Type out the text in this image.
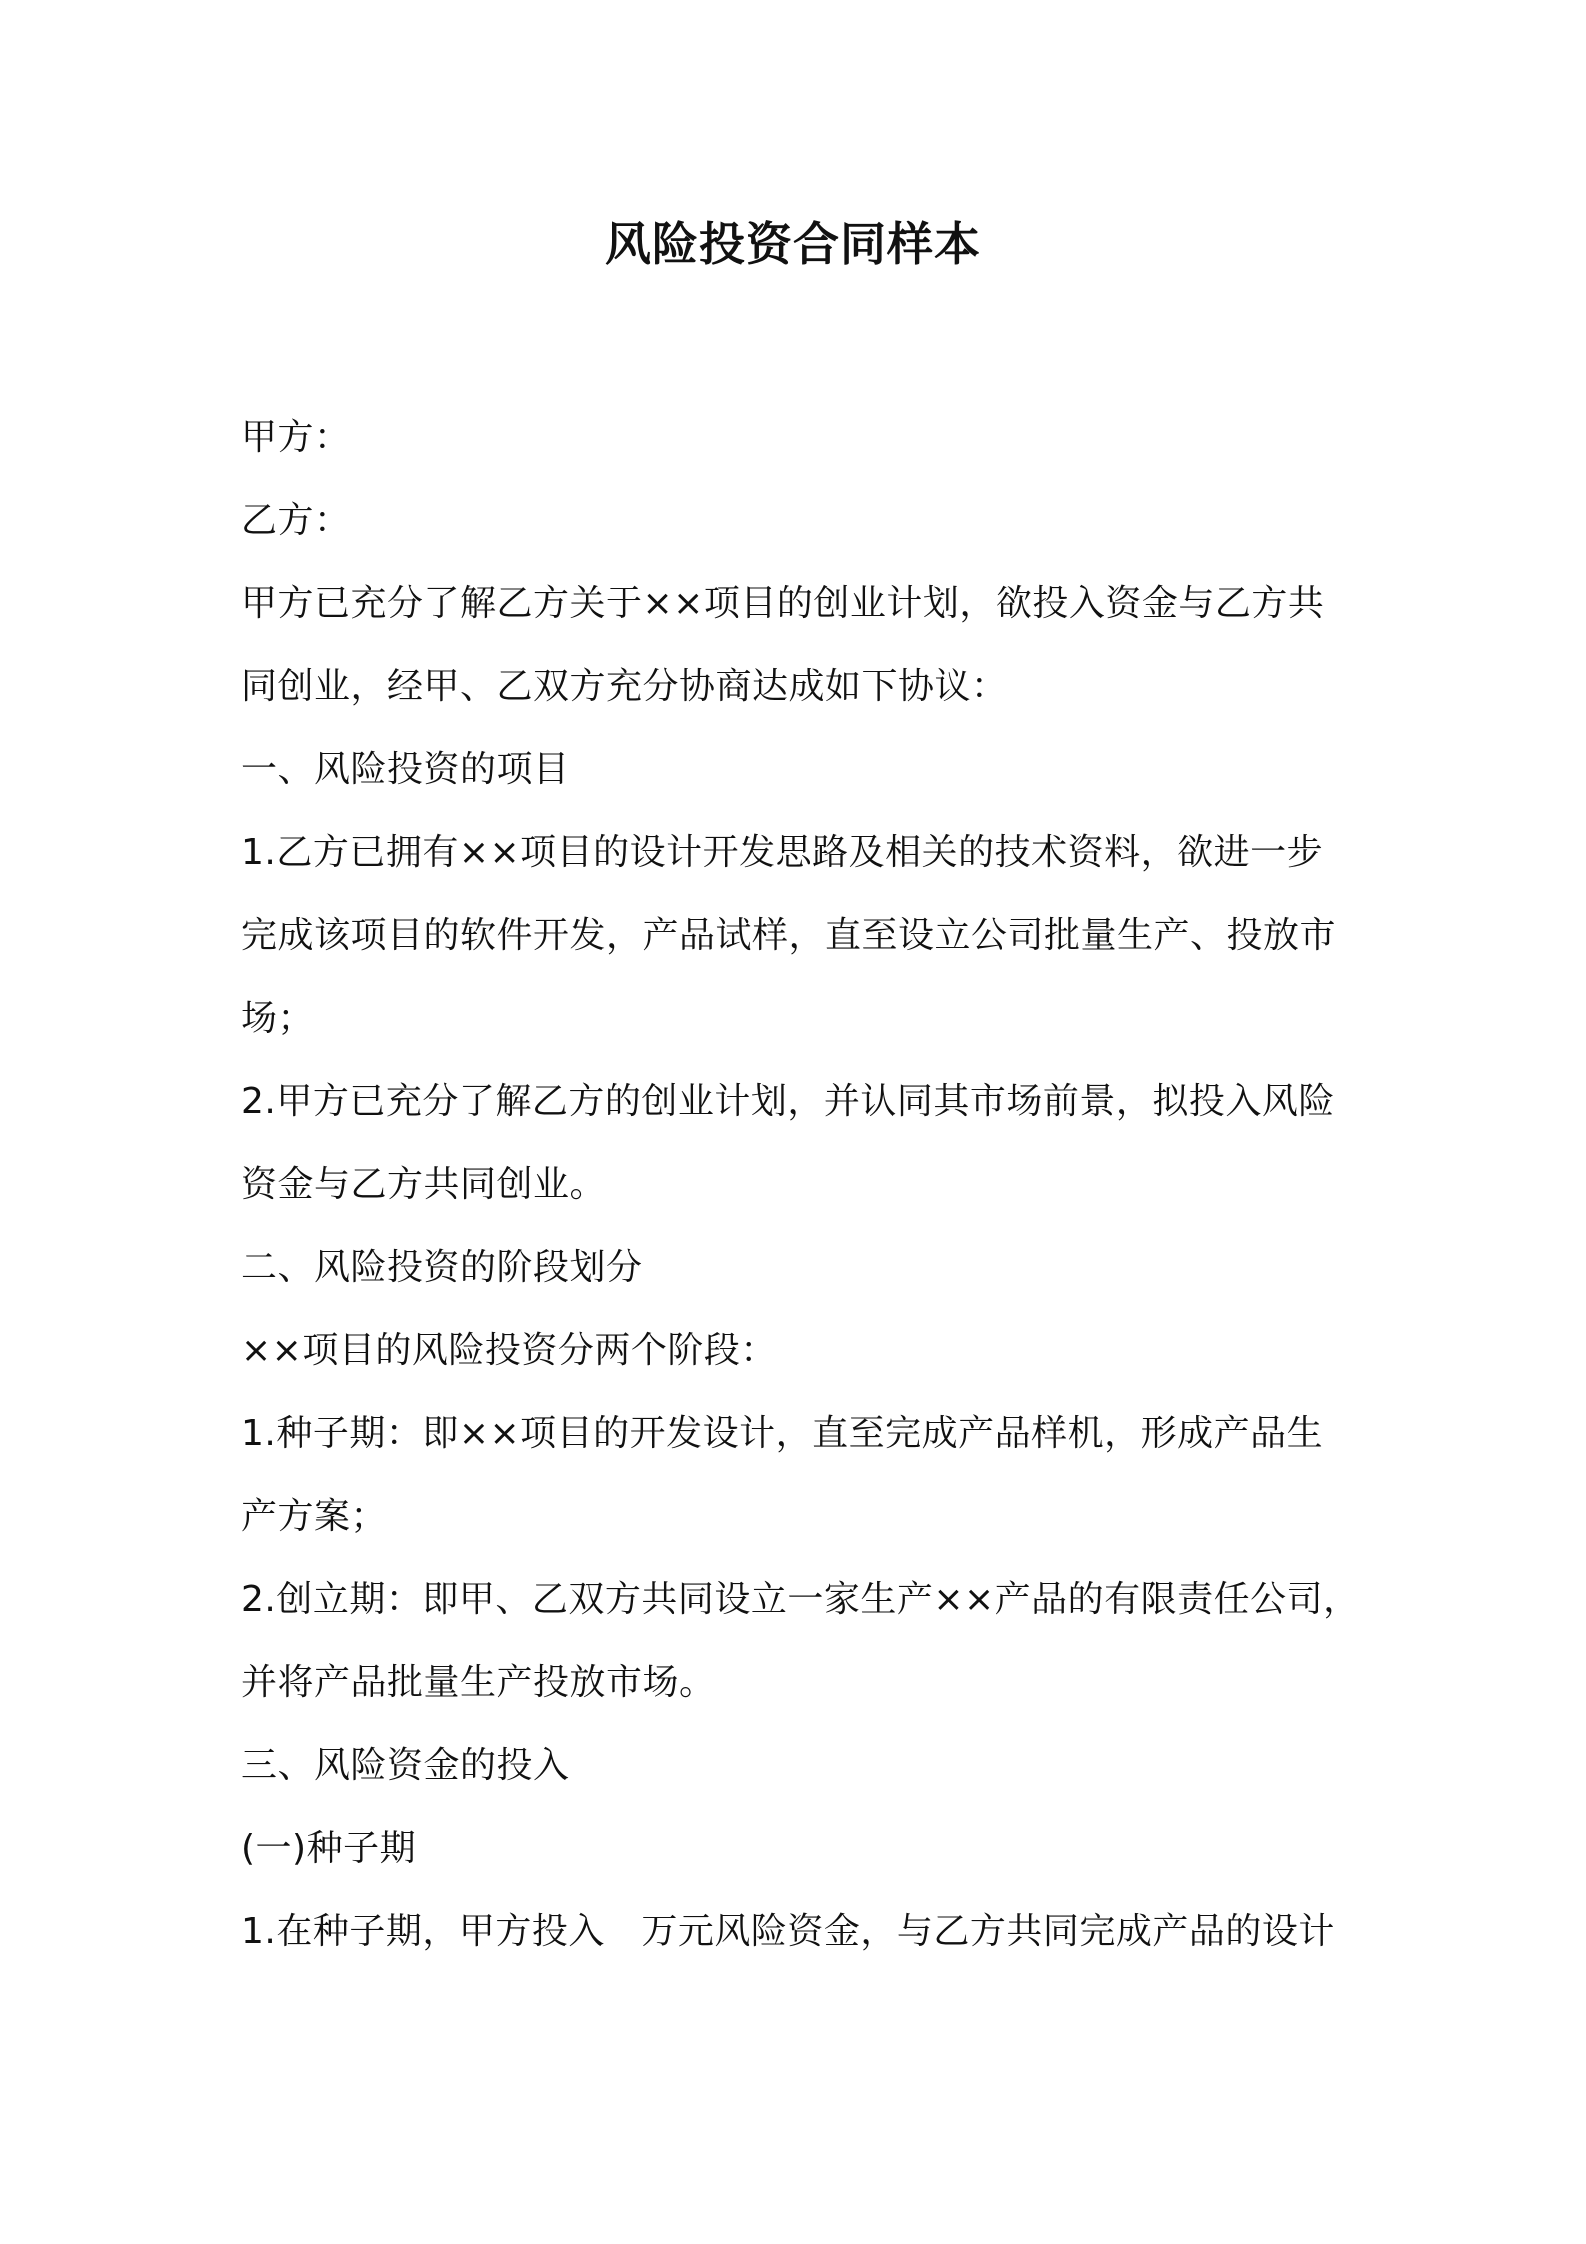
风险投资合同样本
甲方：
乙方：
甲方已充分了解乙方关于××项目的创业计划，欲投入资金与乙方共
同创业，经甲、乙双方充分协商达成如下协议：
一、风险投资的项目
1.乙方已拥有××项目的设计开发思路及相关的技术资料，欲进一步
完成该项目的软件开发，产品试样，直至设立公司批量生产、投放市
场；
2.甲方已充分了解乙方的创业计划，并认同其市场前景，拟投入风险
资金与乙方共同创业。
二、风险投资的阶段划分
××项目的风险投资分两个阶段：
1.种子期：即××项目的开发设计，直至完成产品样机，形成产品生
产方案；
2.创立期：即甲、乙双方共同设立一家生产××产品的有限责任公司，
并将产品批量生产投放市场。
三、风险资金的投入
(一)种子期
1.在种子期，甲方投入　万元风险资金，与乙方共同完成产品的设计
